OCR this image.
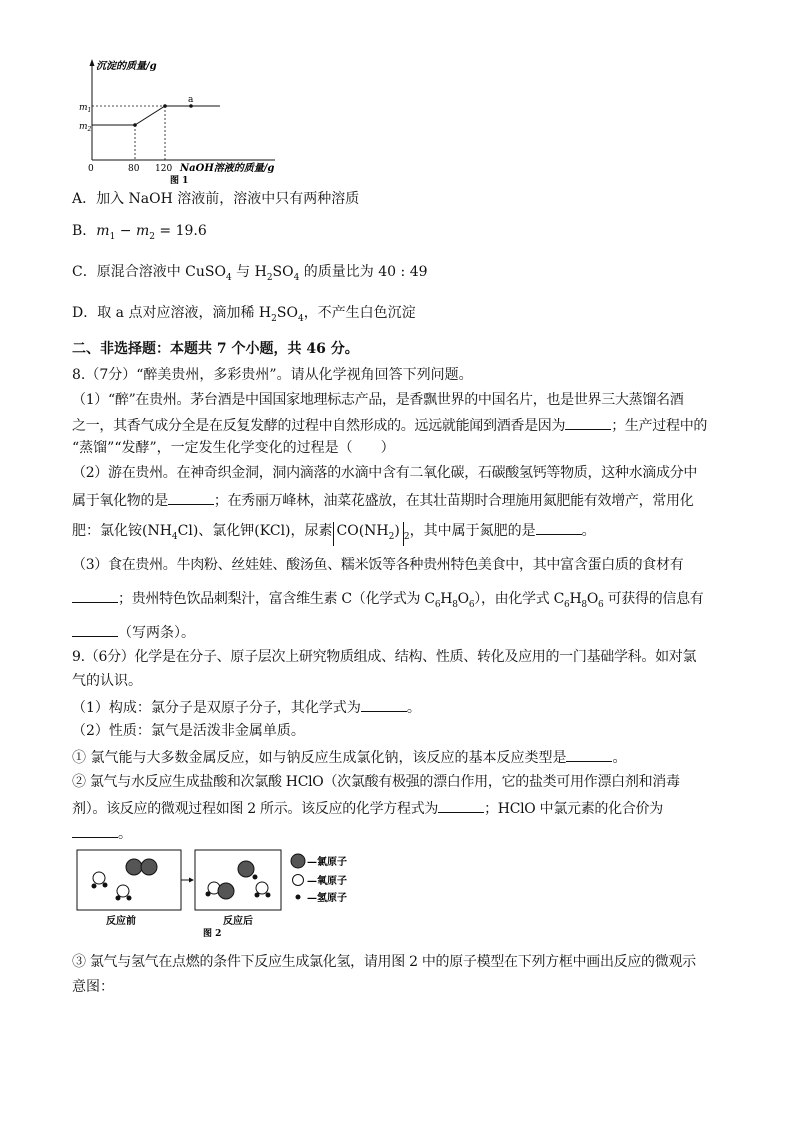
沉淀的质量/g
$m_1$
$m_2$
a
0	80 120 NaOH溶液的质量/g
图 1
A．加入 NaOH 溶液前，溶液中只有两种溶质
B．$m_1 - m_2 = 19.6$
C．原混合溶液中 CuSO$_4$ 与 $H_2SO_4$ 的质量比为 40 : 49
D．取 a 点对应溶液，滴加稀 $H_2SO_4$，不产生白色沉淀
二、非选择题：本题共 7 个小题，共 46 分。
8.（7分）“醉美贵州，多彩贵州”。请从化学视角回答下列问题。
（1）“醉”在贵州。茅台酒是中国国家地理标志产品，是香飘世界的中国名片，也是世界三大蒸馏名酒
之一，其香气成分全是在反复发酵的过程中自然形成的。远远就能闻到酒香是因为	；生产过程中的
“蒸馏”“发酵”，一定发生化学变化的过程是（　　）
（2）游在贵州。在神奇织金洞，洞内滴落的水滴中含有二氧化碳，石碳酸氢钙等物质，这种水滴成分中
属于氧化物的是	；在秀丽万峰林，油菜花盛放，在其壮苗期时合理施用氮肥能有效增产，常用化
肥：氯化铵$(NH_4Cl)$、氯化钾(KCl)，尿素 $CO(NH_2)$ $_2$，其中属于氮肥的是	。
（3）食在贵州。牛肉粉、丝娃娃、酸汤鱼、糯米饭等各种贵州特色美食中，其中富含蛋白质的食材有
；贵州特色饮品刺梨汁，富含维生素 C（化学式为 $C_6H_8O_6$），由化学式 $C_6H_8O_6$ 可获得的信息有
（写两条）。
9.（6分）化学是在分子、原子层次上研究物质组成、结构、性质、转化及应用的一门基础学科。如对氯
气的认识。
（1）构成：氯分子是双原子分子，其化学式为	。
（2）性质：氯气是活泼非金属单质。
① 氯气能与大多数金属反应，如与钠反应生成氯化钠，该反应的基本反应类型是	。
② 氯气与水反应生成盐酸和次氯酸 HClO（次氯酸有极强的漂白作用，它的盐类可用作漂白剂和消毒
剂）。该反应的微观过程如图 2 所示。该反应的化学方程式为	；HClO 中氯元素的化合价为
。
反应前	反应后
图 2
—氯原子
—氧原子
—氢原子
③ 氯气与氢气在点燃的条件下反应生成氯化氢，请用图 2 中的原子模型在下列方框中画出反应的微观示
意图：
